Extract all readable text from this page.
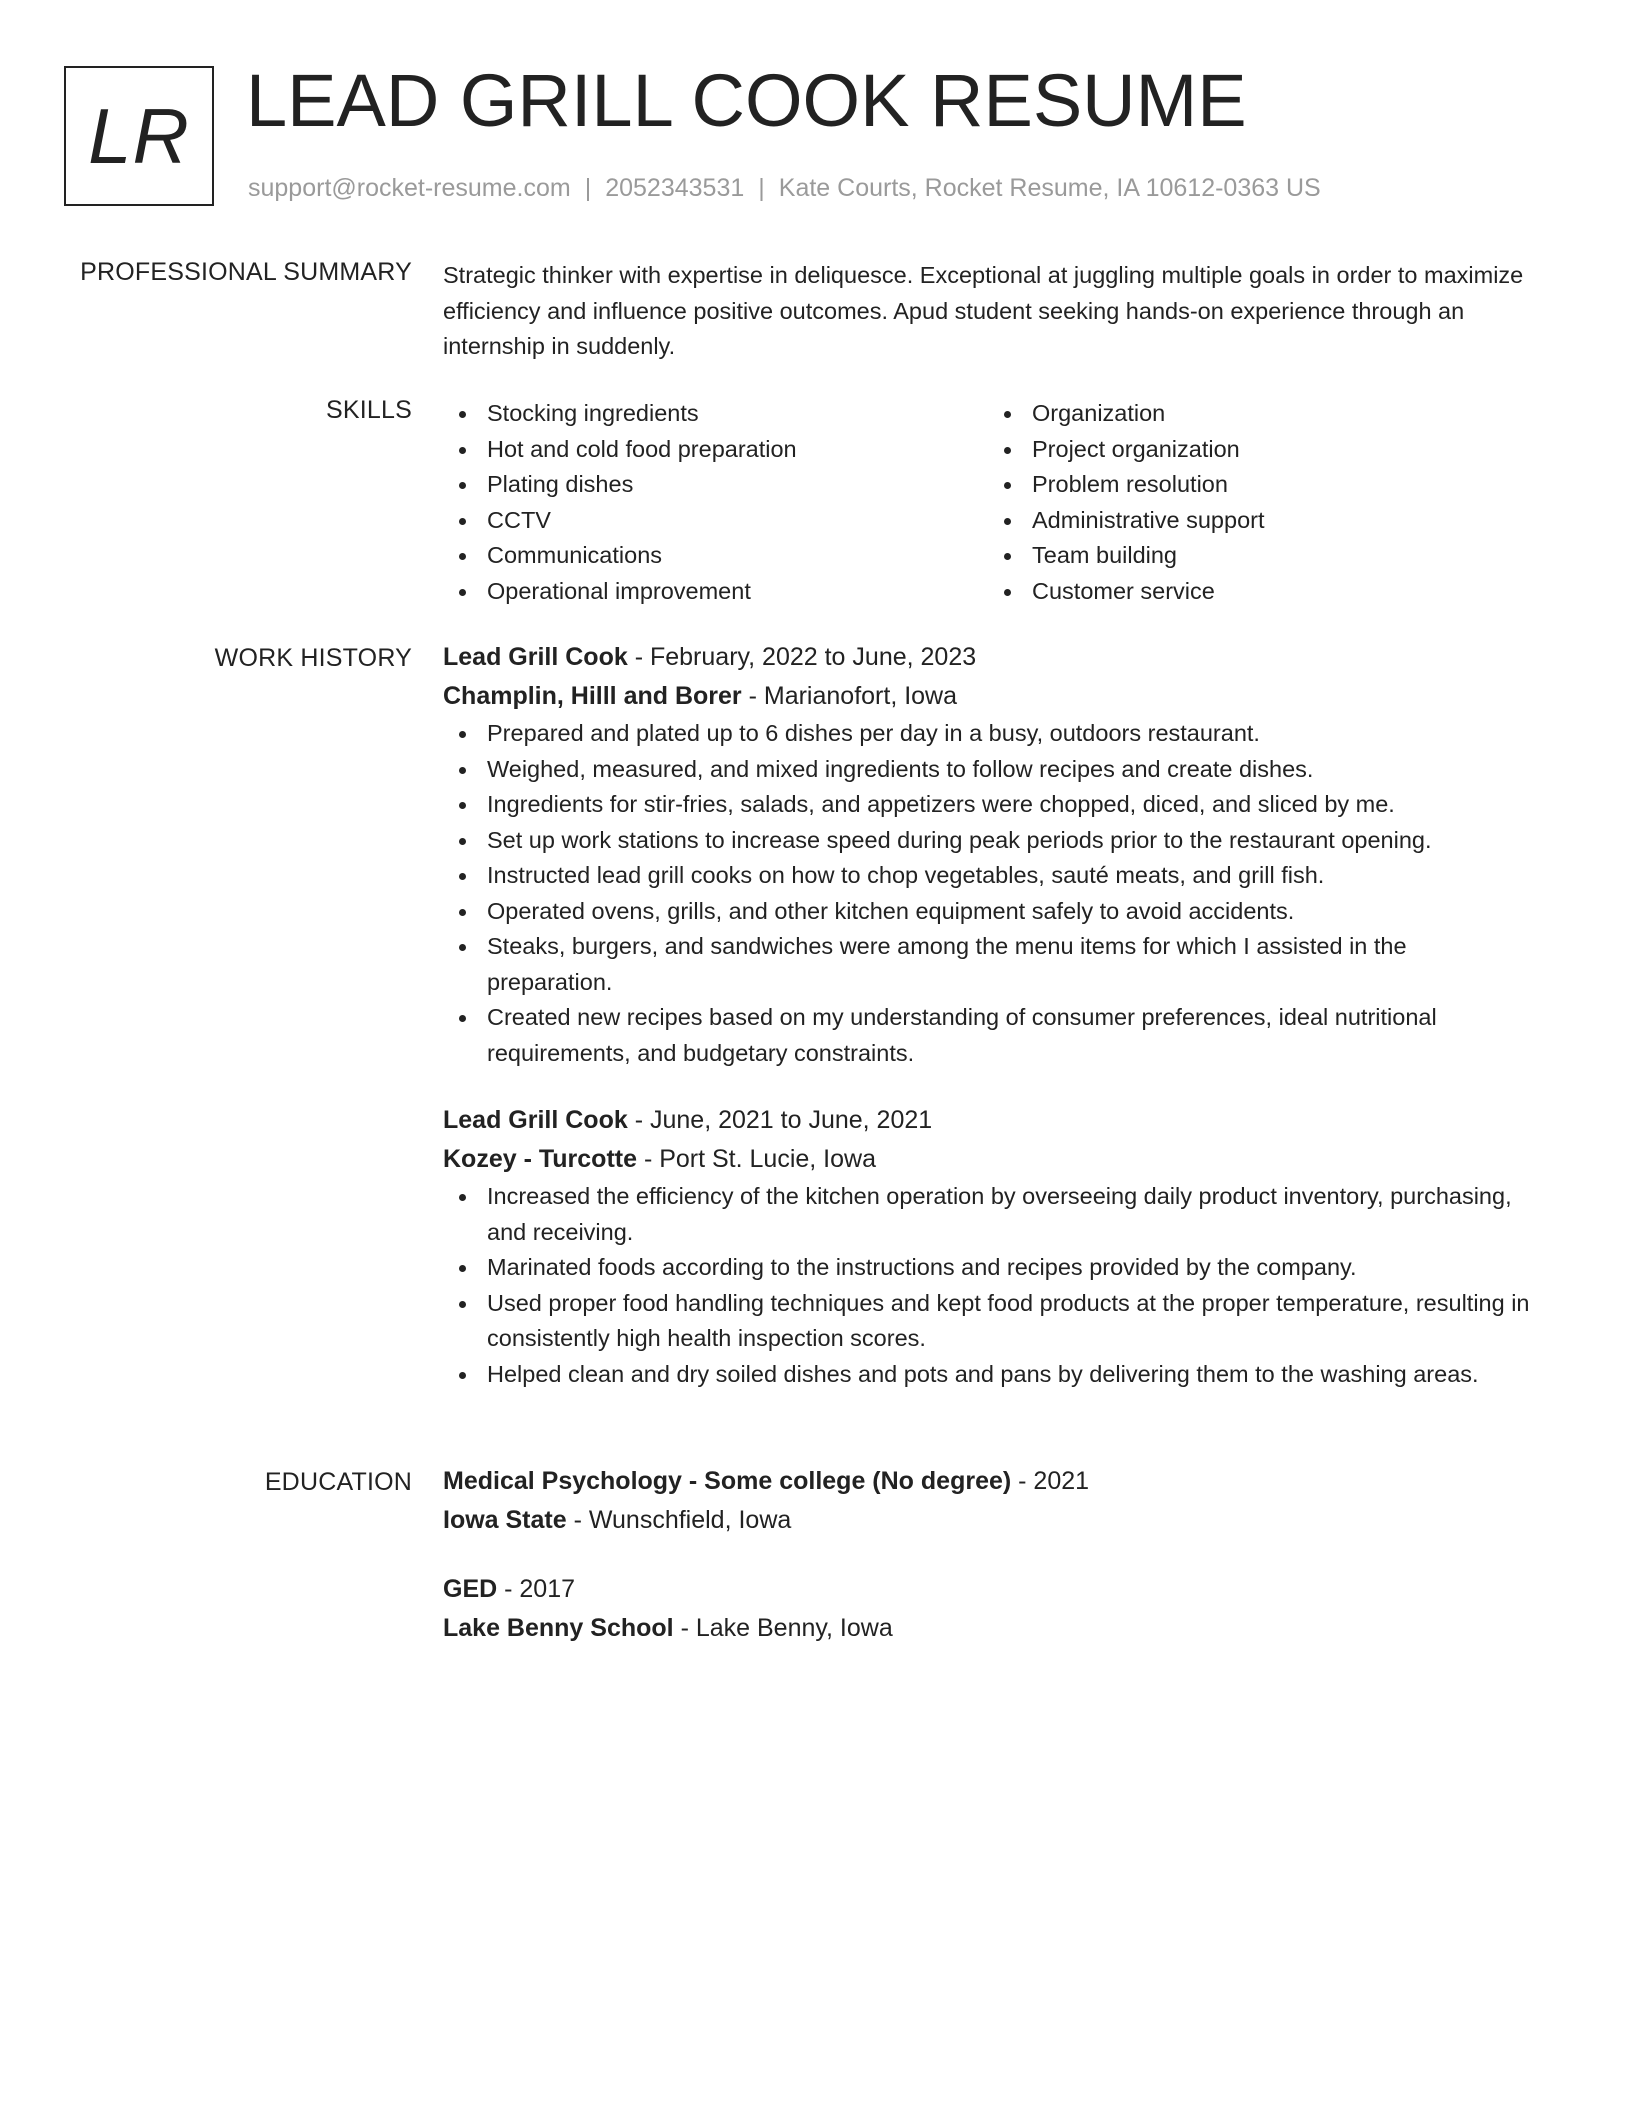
LR LEAD GRILL COOK RESUME
support@rocket-resume.com | 2052343531 | Kate Courts, Rocket Resume, IA 10612-0363 US
PROFESSIONAL SUMMARY Strategic thinker with expertise in deliquesce. Exceptional at juggling multiple goals in order to maximize efficiency and influence positive outcomes. Apud student seeking hands-on experience through an internship in suddenly.

SKILLS	Stocking ingredients
Hot and cold food preparation
Plating dishes
CCTV
Communications
Operational improvement
Organization
Project organization
Problem resolution
Administrative support
Team building
Customer service
WORK HISTORY Lead Grill Cook - February, 2022 to June, 2023
Champlin, Hilll and Borer - Marianofort, Iowa
Prepared and plated up to 6 dishes per day in a busy, outdoors restaurant.
Weighed, measured, and mixed ingredients to follow recipes and create dishes.
Ingredients for stir-fries, salads, and appetizers were chopped, diced, and sliced by me.
Set up work stations to increase speed during peak periods prior to the restaurant opening.
Instructed lead grill cooks on how to chop vegetables, sauté meats, and grill fish.
Operated ovens, grills, and other kitchen equipment safely to avoid accidents.
Steaks, burgers, and sandwiches were among the menu items for which I assisted in the preparation.
Created new recipes based on my understanding of consumer preferences, ideal nutritional requirements, and budgetary constraints.
Lead Grill Cook - June, 2021 to June, 2021
Kozey - Turcotte - Port St. Lucie, Iowa
Increased the efficiency of the kitchen operation by overseeing daily product inventory, purchasing, and receiving.
Marinated foods according to the instructions and recipes provided by the company.
Used proper food handling techniques and kept food products at the proper temperature, resulting in consistently high health inspection scores.
Helped clean and dry soiled dishes and pots and pans by delivering them to the washing areas.
EDUCATION Medical Psychology - Some college (No degree) - 2021
Iowa State - Wunschfield, Iowa
GED - 2017
Lake Benny School - Lake Benny, Iowa
